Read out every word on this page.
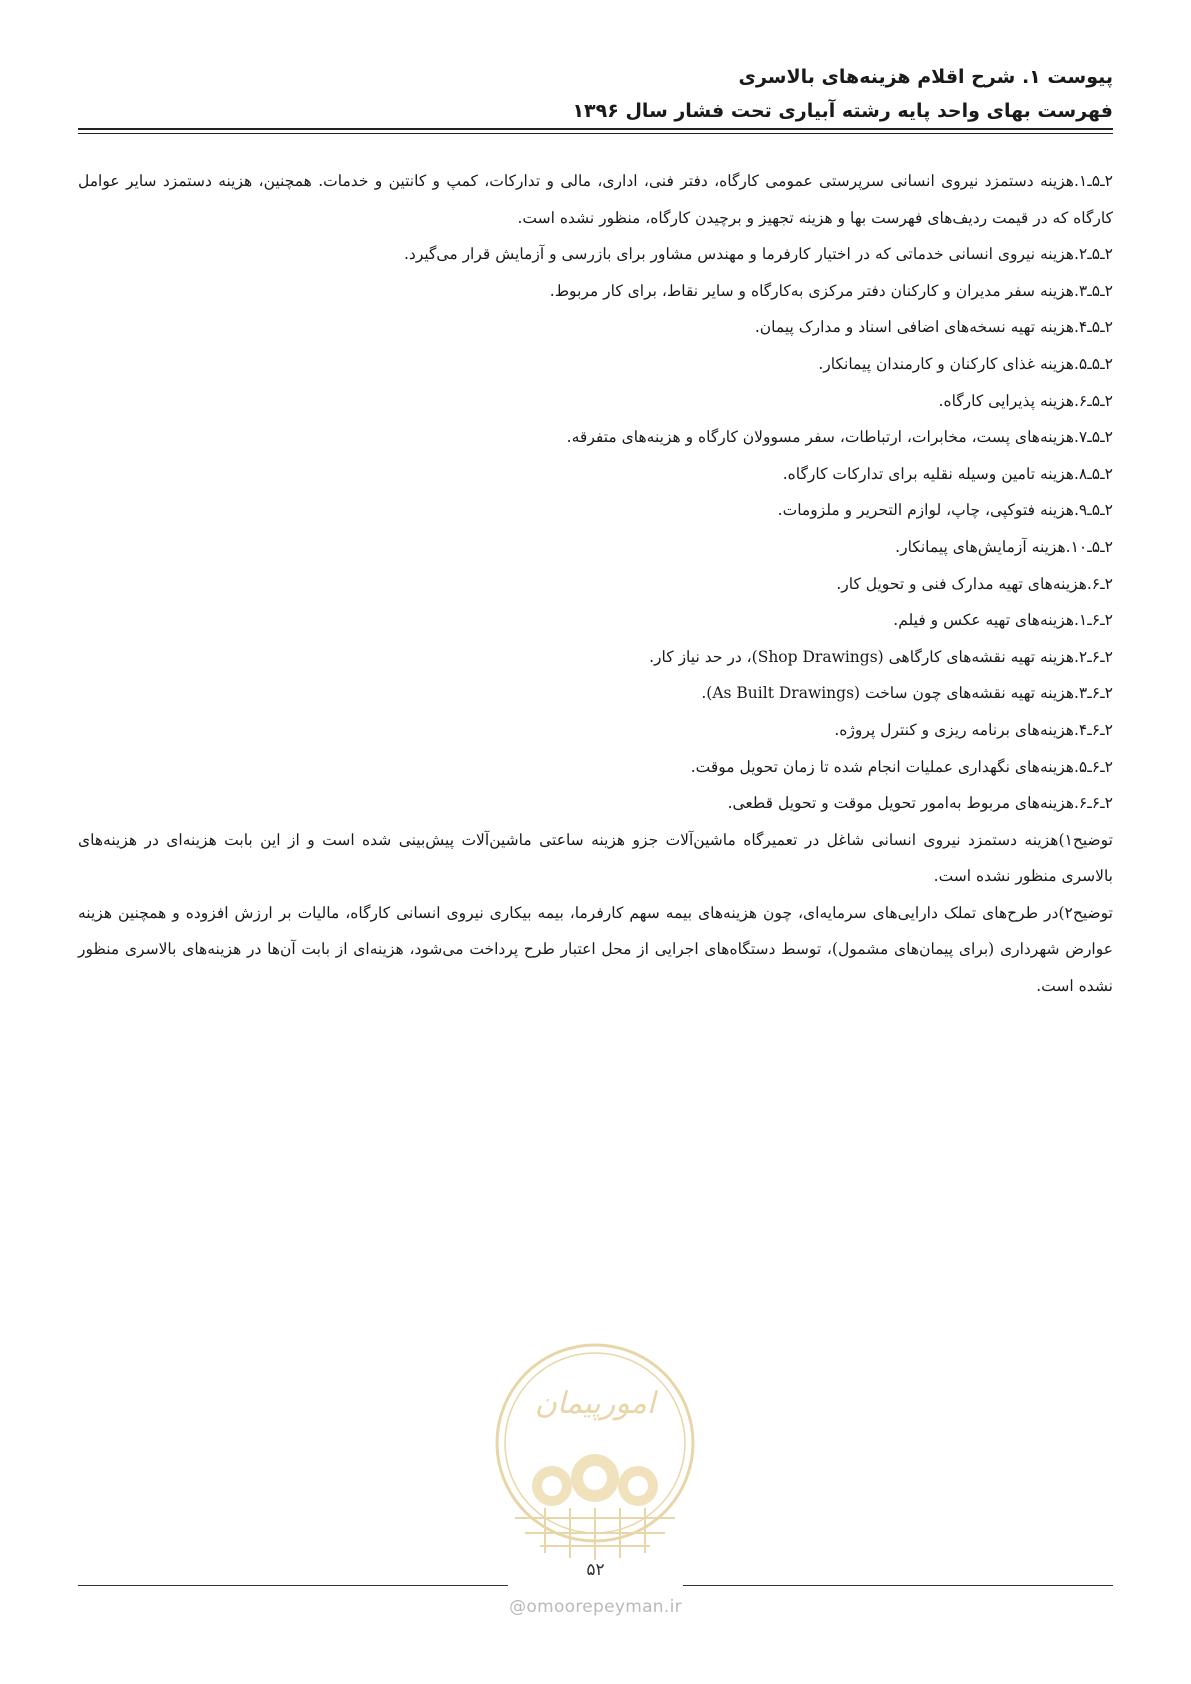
پیوست ۱. شرح اقلام هزینه‌های بالاسری
فهرست بهای واحد پایه رشته آبیاری تحت فشار سال ۱۳۹۶

۲ـ۵ـ۱.هزینه دستمزد نیروی انسانی سرپرستی عمومی کارگاه، دفتر فنی، اداری، مالی و تدارکات، کمپ و کانتین و خدمات. همچنین، هزینه دستمزد سایر عوامل کارگاه که در قیمت ردیف‌های فهرست بها و هزینه تجهیز و برچیدن کارگاه، منظور نشده است.

۲ـ۵ـ۲.هزینه نیروی انسانی خدماتی که در اختیار کارفرما و مهندس مشاور برای بازرسی و آزمایش قرار می‌گیرد.

۲ـ۵ـ۳.هزینه سفر مدیران و کارکنان دفتر مرکزی به‌کارگاه و سایر نقاط، برای کار مربوط.

۲ـ۵ـ۴.هزینه تهیه نسخه‌های اضافی اسناد و مدارک پیمان.

۲ـ۵ـ۵.هزینه غذای کارکنان و کارمندان پیمانکار.

۲ـ۵ـ۶.هزینه پذیرایی کارگاه.

۲ـ۵ـ۷.هزینه‌های پست، مخابرات، ارتباطات، سفر مسوولان کارگاه و هزینه‌های متفرقه.

۲ـ۵ـ۸.هزینه تامین وسیله نقلیه برای تدارکات کارگاه.

۲ـ۵ـ۹.هزینه فتوکپی، چاپ، لوازم التحریر و ملزومات.

۲ـ۵ـ۱۰.هزینه آزمایش‌های پیمانکار.

۲ـ۶.هزینه‌های تهیه مدارک فنی و تحویل کار.

۲ـ۶ـ۱.هزینه‌های تهیه عکس و فیلم.

۲ـ۶ـ۲.هزینه تهیه نقشه‌های کارگاهی (Shop Drawings)، در حد نیاز کار.

۲ـ۶ـ۳.هزینه تهیه نقشه‌های چون ساخت (As Built Drawings).

۲ـ۶ـ۴.هزینه‌های برنامه ریزی و کنترل پروژه.

۲ـ۶ـ۵.هزینه‌های نگهداری عملیات انجام شده تا زمان تحویل موقت.

۲ـ۶ـ۶.هزینه‌های مربوط به‌امور تحویل موقت و تحویل قطعی.

توضیح۱)هزینه دستمزد نیروی انسانی شاغل در تعمیرگاه ماشین‌آلات جزو هزینه ساعتی ماشین‌آلات پیش‌بینی شده است و از این بابت هزینه‌ای در هزینه‌های بالاسری منظور نشده است.

توضیح۲)در طرح‌های تملک دارایی‌های سرمایه‌ای، چون هزینه‌های بیمه سهم کارفرما، بیمه بیکاری نیروی انسانی کارگاه، مالیات بر ارزش افزوده و همچنین هزینه عوارض شهرداری (برای پیمان‌های مشمول)، توسط دستگاه‌های اجرایی از محل اعتبار طرح پرداخت می‌شود، هزینه‌ای از بابت آن‌ها در هزینه‌های بالاسری منظور نشده است.

امورپیمان
۵۲
@omoorepeyman.ir
